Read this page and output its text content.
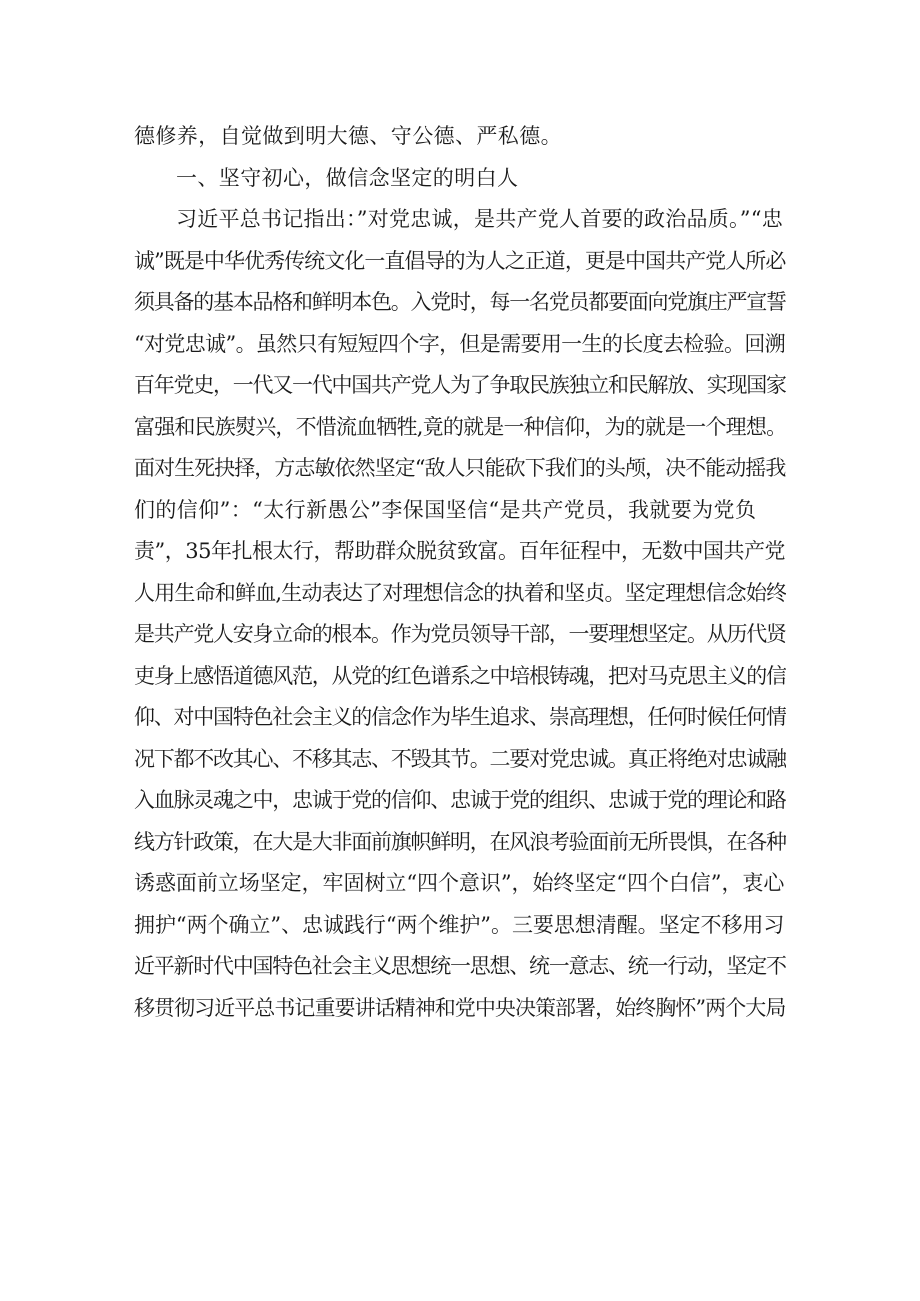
德修养，自觉做到明大德、守公德、严私德。
一、坚守初心，做信念坚定的明白人
习近平总书记指出：”对党忠诚，是共产党人首要的政治品质。”“忠
诚”既是中华优秀传统文化一直倡导的为人之正道，更是中国共产党人所必
须具备的基本品格和鲜明本色。入党时，每一名党员都要面向党旗庄严宣誓
“对党忠诚”。虽然只有短短四个字，但是需要用一生的长度去检验。回溯
百年党史，一代又一代中国共产党人为了争取民族独立和民解放、实现国家
富强和民族熨兴，不惜流血牺牲,竟的就是一种信仰，为的就是一个理想。
面对生死抉择，方志敏依然坚定“敌人只能砍下我们的头颅，决不能动摇我
们的信仰”：“太行新愚公”李保国坚信“是共产党员，我就要为党负
责”，35年扎根太行，帮助群众脱贫致富。百年征程中，无数中国共产党
人用生命和鲜血,生动表达了对理想信念的执着和坚贞。坚定理想信念始终
是共产党人安身立命的根本。作为党员领导干部，一要理想坚定。从历代贤
吏身上感悟道德风范，从党的红色谱系之中培根铸魂，把对马克思主义的信
仰、对中国特色社会主义的信念作为毕生追求、崇高理想，任何时候任何情
况下都不改其心、不移其志、不毁其节。二要对党忠诚。真正将绝对忠诚融
入血脉灵魂之中，忠诚于党的信仰、忠诚于党的组织、忠诚于党的理论和路
线方针政策，在大是大非面前旗帜鲜明，在风浪考验面前无所畏惧，在各种
诱惑面前立场坚定，牢固树立“四个意识”，始终坚定“四个白信”，衷心
拥护“两个确立”、忠诚践行“两个维护”。三要思想清醒。坚定不移用习
近平新时代中国特色社会主义思想统一思想、统一意志、统一行动，坚定不
移贯彻习近平总书记重要讲话精神和党中央决策部署，始终胸怀”两个大局
